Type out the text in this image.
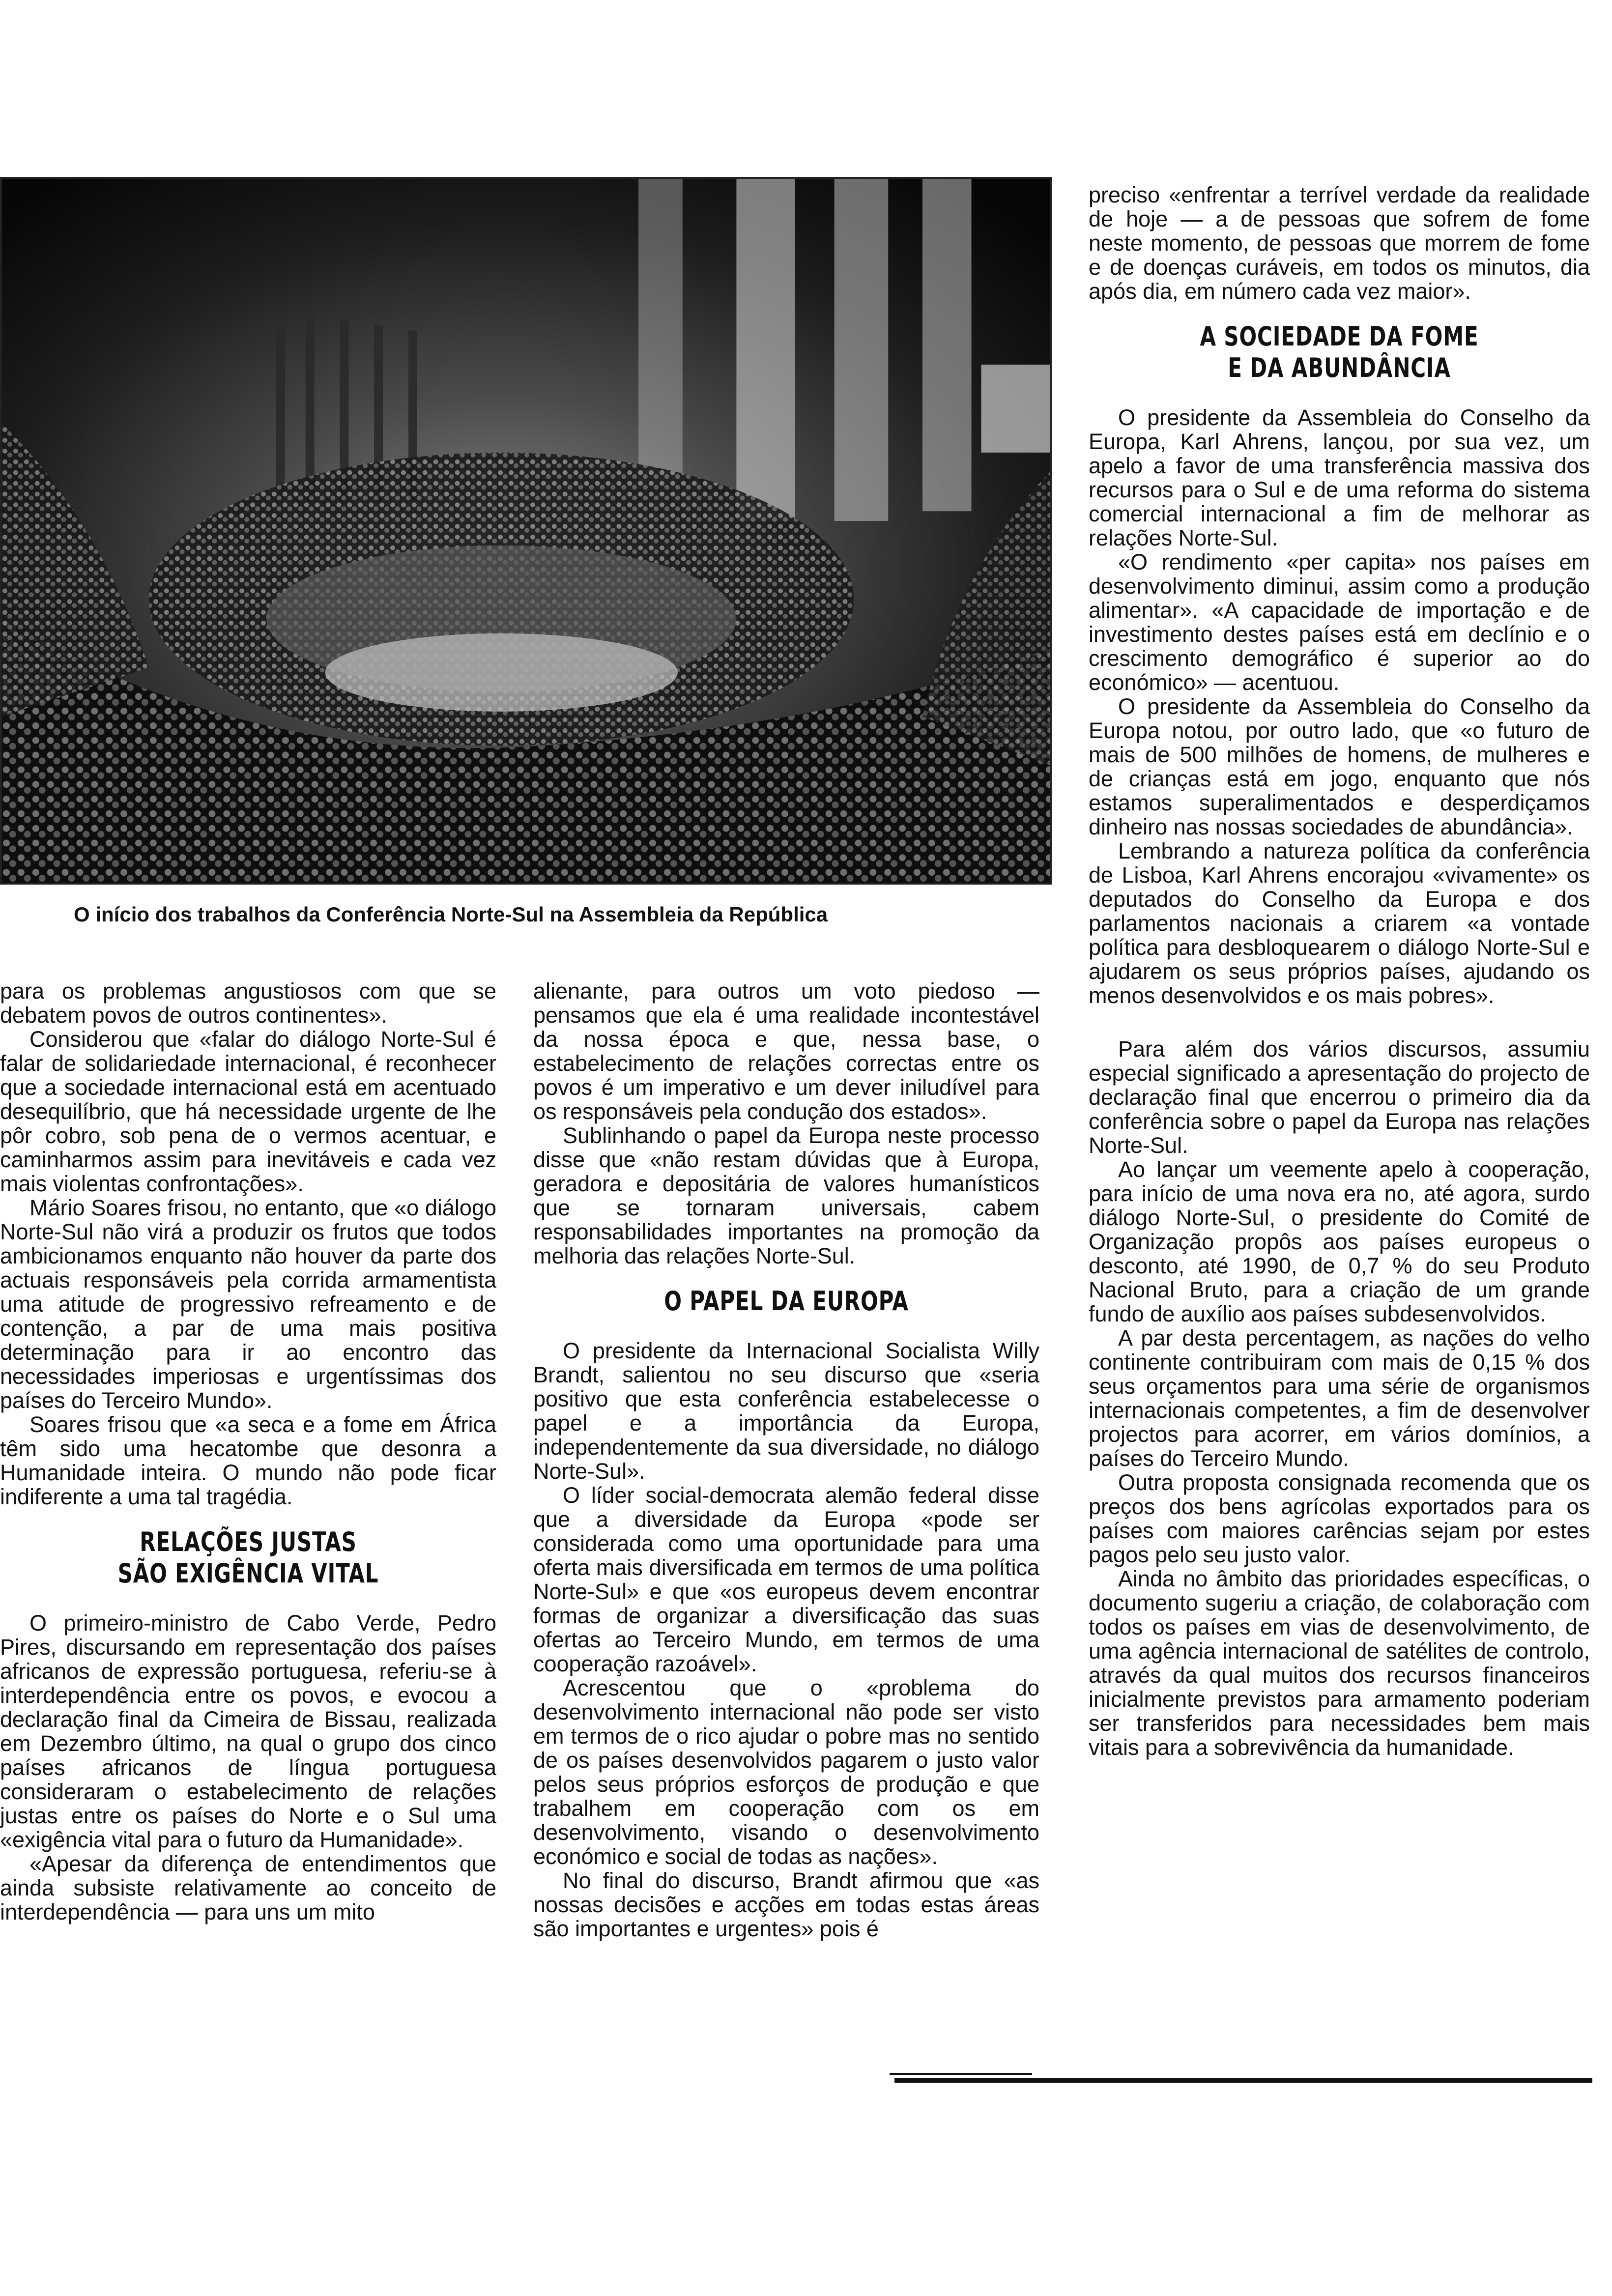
O início dos trabalhos da Conferência Norte-Sul na Assembleia da República

preciso «enfrentar a terrível verdade da realidade de hoje — a de pessoas que sofrem de fome neste momento, de pessoas que morrem de fome e de doenças curáveis, em todos os minutos, dia após dia, em número cada vez maior».

A SOCIEDADE DA FOME
E DA ABUNDÂNCIA

O presidente da Assembleia do Conselho da Europa, Karl Ahrens, lançou, por sua vez, um apelo a favor de uma transferência massiva dos recursos para o Sul e de uma reforma do sistema comercial internacional a fim de melhorar as relações Norte-Sul.

«O rendimento «per capita» nos países em desenvolvimento diminui, assim como a produção alimentar». «A capacidade de importação e de investimento destes países está em declínio e o crescimento demográfico é superior ao do económico» — acentuou.

O presidente da Assembleia do Conselho da Europa notou, por outro lado, que «o futuro de mais de 500 milhões de homens, de mulheres e de crianças está em jogo, enquanto que nós estamos superalimentados e desperdiçamos dinheiro nas nossas sociedades de abundância».

Lembrando a natureza política da conferência de Lisboa, Karl Ahrens encorajou «vivamente» os deputados do Conselho da Europa e dos parlamentos nacionais a criarem «a vontade política para desbloquearem o diálogo Norte-Sul e ajudarem os seus próprios países, ajudando os menos desenvolvidos e os mais pobres».

Para além dos vários discursos, assumiu especial significado a apresentação do projecto de declaração final que encerrou o primeiro dia da conferência sobre o papel da Europa nas relações Norte-Sul.

Ao lançar um veemente apelo à cooperação, para início de uma nova era no, até agora, surdo diálogo Norte-Sul, o presidente do Comité de Organização propôs aos países europeus o desconto, até 1990, de 0,7 % do seu Produto Nacional Bruto, para a criação de um grande fundo de auxílio aos países subdesenvolvidos.

A par desta percentagem, as nações do velho continente contribuiram com mais de 0,15 % dos seus orçamentos para uma série de organismos internacionais competentes, a fim de desenvolver projectos para acorrer, em vários domínios, a países do Terceiro Mundo.

Outra proposta consignada recomenda que os preços dos bens agrícolas exportados para os países com maiores carências sejam por estes pagos pelo seu justo valor.

Ainda no âmbito das prioridades específicas, o documento sugeriu a criação, de colaboração com todos os países em vias de desenvolvimento, de uma agência internacional de satélites de controlo, através da qual muitos dos recursos financeiros inicialmente previstos para armamento poderiam ser transferidos para necessidades bem mais vitais para a sobrevivência da humanidade.

para os problemas angustiosos com que se debatem povos de outros continentes».

Considerou que «falar do diálogo Norte-Sul é falar de solidariedade internacional, é reconhecer que a sociedade internacional está em acentuado desequilíbrio, que há necessidade urgente de lhe pôr cobro, sob pena de o vermos acentuar, e caminharmos assim para inevitáveis e cada vez mais violentas confrontações».

Mário Soares frisou, no entanto, que «o diálogo Norte-Sul não virá a produzir os frutos que todos ambicionamos enquanto não houver da parte dos actuais responsáveis pela corrida armamentista uma atitude de progressivo refreamento e de contenção, a par de uma mais positiva determinação para ir ao encontro das necessidades imperiosas e urgentíssimas dos países do Terceiro Mundo».

Soares frisou que «a seca e a fome em África têm sido uma hecatombe que desonra a Humanidade inteira. O mundo não pode ficar indiferente a uma tal tragédia.

RELAÇÕES JUSTAS
SÃO EXIGÊNCIA VITAL

O primeiro-ministro de Cabo Verde, Pedro Pires, discursando em representação dos países africanos de expressão portuguesa, referiu-se à interdependência entre os povos, e evocou a declaração final da Cimeira de Bissau, realizada em Dezembro último, na qual o grupo dos cinco países africanos de língua portuguesa consideraram o estabelecimento de relações justas entre os países do Norte e o Sul uma «exigência vital para o futuro da Humanidade».

«Apesar da diferença de entendimentos que ainda subsiste relativamente ao conceito de interdependência — para uns um mito

alienante, para outros um voto piedoso — pensamos que ela é uma realidade incontestável da nossa época e que, nessa base, o estabelecimento de relações correctas entre os povos é um imperativo e um dever iniludível para os responsáveis pela condução dos estados».

Sublinhando o papel da Europa neste processo disse que «não restam dúvidas que à Europa, geradora e depositária de valores humanísticos que se tornaram universais, cabem responsabilidades importantes na promoção da melhoria das relações Norte-Sul.

O PAPEL DA EUROPA

O presidente da Internacional Socialista Willy Brandt, salientou no seu discurso que «seria positivo que esta conferência estabelecesse o papel e a importância da Europa, independentemente da sua diversidade, no diálogo Norte-Sul».

O líder social-democrata alemão federal disse que a diversidade da Europa «pode ser considerada como uma oportunidade para uma oferta mais diversificada em termos de uma política Norte-Sul» e que «os europeus devem encontrar formas de organizar a diversificação das suas ofertas ao Terceiro Mundo, em termos de uma cooperação razoável».

Acrescentou que o «problema do desenvolvimento internacional não pode ser visto em termos de o rico ajudar o pobre mas no sentido de os países desenvolvidos pagarem o justo valor pelos seus próprios esforços de produção e que trabalhem em cooperação com os em desenvolvimento, visando o desenvolvimento económico e social de todas as nações».

No final do discurso, Brandt afirmou que «as nossas decisões e acções em todas estas áreas são importantes e urgentes» pois é
